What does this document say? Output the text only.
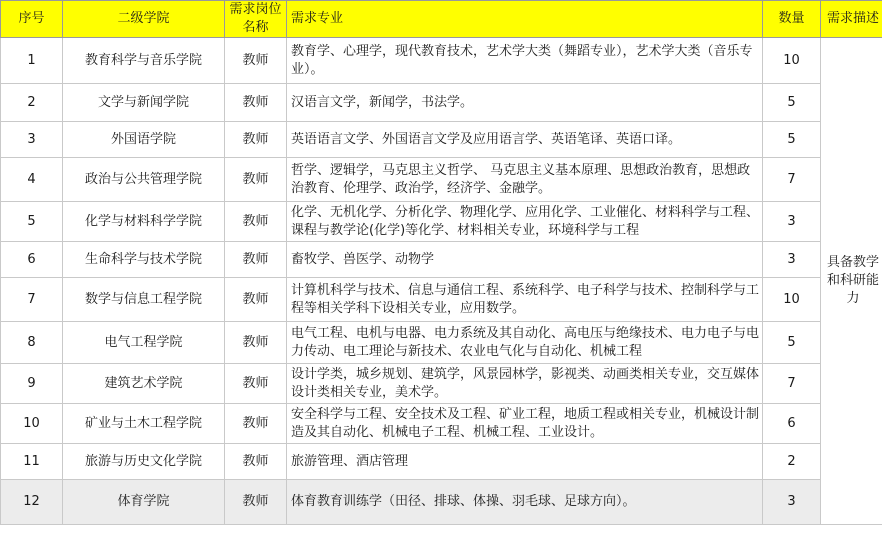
序号	二级学院	需求岗位名称	需求专业	数量	需求描述
1	教育科学与音乐学院	教师	教育学、心理学，现代教育技术，艺术学大类（舞蹈专业），艺术学大类（音乐专业）。	10	具备教学和科研能力
2	文学与新闻学院	教师	汉语言文学，新闻学，书法学。	5	
3	外国语学院	教师	英语语言文学、外国语言文学及应用语言学、英语笔译、英语口译。	5	
4	政治与公共管理学院	教师	哲学、逻辑学，马克思主义哲学、 马克思主义基本原理、思想政治教育，思想政治教育、伦理学、政治学，经济学、金融学。	7	
5	化学与材料科学学院	教师	化学、无机化学、分析化学、物理化学、应用化学、工业催化、材料科学与工程、课程与教学论(化学)等化学、材料相关专业，环境科学与工程	3	
6	生命科学与技术学院	教师	畜牧学、兽医学、动物学	3	
7	数学与信息工程学院	教师	计算机科学与技术、信息与通信工程、系统科学、电子科学与技术、控制科学与工程等相关学科下设相关专业，应用数学。	10	
8	电气工程学院	教师	电气工程、电机与电器、电力系统及其自动化、高电压与绝缘技术、电力电子与电力传动、电工理论与新技术、农业电气化与自动化、机械工程	5	
9	建筑艺术学院	教师	设计学类，城乡规划、建筑学，风景园林学，影视类、动画类相关专业，交互媒体设计类相关专业，美术学。	7	
10	矿业与土木工程学院	教师	安全科学与工程、安全技术及工程、矿业工程，地质工程或相关专业，机械设计制造及其自动化、机械电子工程、机械工程、工业设计。	6	
11	旅游与历史文化学院	教师	旅游管理、酒店管理	2	
12	体育学院	教师	体育教育训练学（田径、排球、体操、羽毛球、足球方向）。	3	
